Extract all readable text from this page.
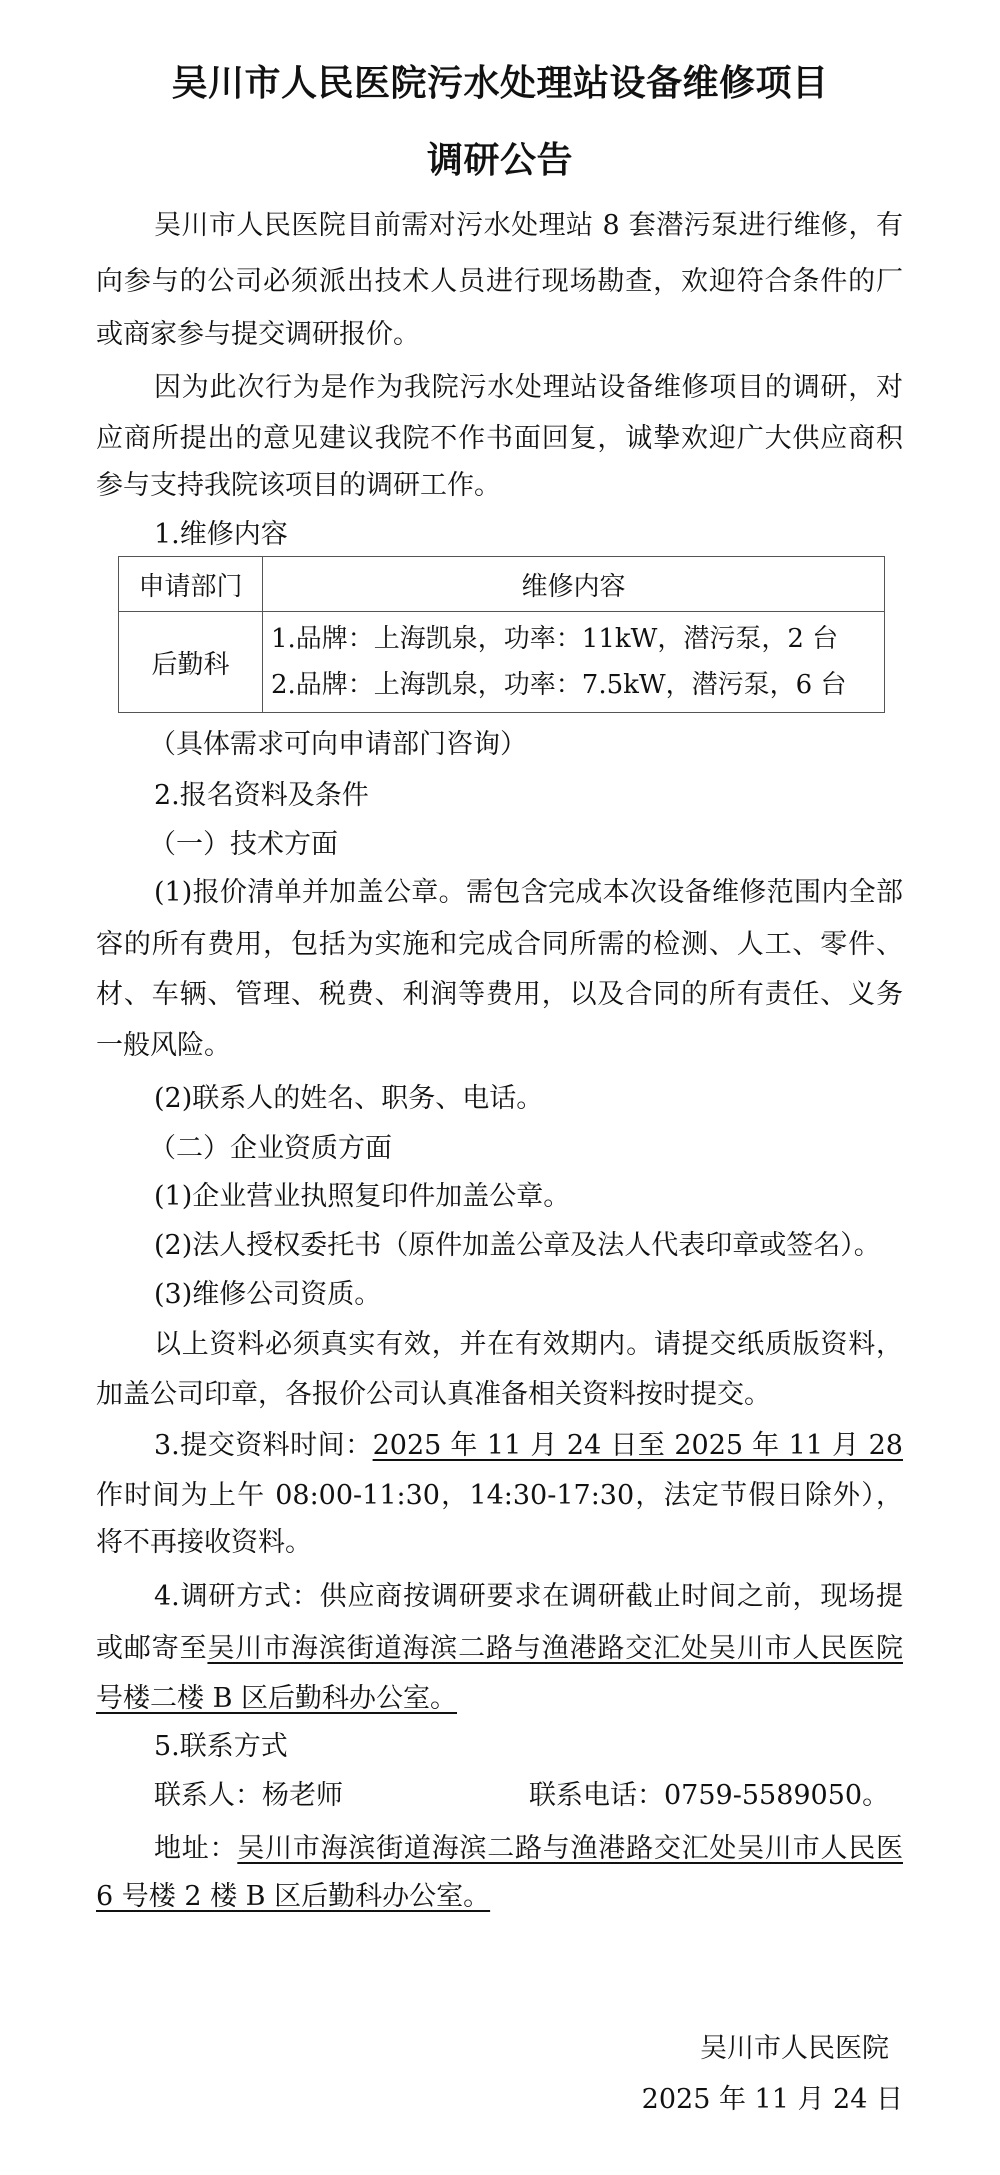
吴川市人民医院污水处理站设备维修项目
调研公告
吴川市人民医院目前需对污水处理站 8 套潜污泵进行维修，有
向参与的公司必须派出技术人员进行现场勘查，欢迎符合条件的厂
或商家参与提交调研报价。
因为此次行为是作为我院污水处理站设备维修项目的调研，对
应商所提出的意见建议我院不作书面回复，诚挚欢迎广大供应商积
参与支持我院该项目的调研工作。
1.维修内容
（具体需求可向申请部门咨询）
2.报名资料及条件
（一）技术方面
(1)报价清单并加盖公章。需包含完成本次设备维修范围内全部
容的所有费用，包括为实施和完成合同所需的检测、人工、零件、
材、车辆、管理、税费、利润等费用，以及合同的所有责任、义务
一般风险。
(2)联系人的姓名、职务、电话。
（二）企业资质方面
(1)企业营业执照复印件加盖公章。
(2)法人授权委托书（原件加盖公章及法人代表印章或签名）。
(3)维修公司资质。
以上资料必须真实有效，并在有效期内。请提交纸质版资料，
加盖公司印章，各报价公司认真准备相关资料按时提交。
3.提交资料时间：2025 年 11 月 24 日至 2025 年 11 月 28
作时间为上午 08:00-11:30，14:30-17:30，法定节假日除外），
将不再接收资料。
4.调研方式：供应商按调研要求在调研截止时间之前，现场提
或邮寄至吴川市海滨街道海滨二路与渔港路交汇处吴川市人民医院
号楼二楼 B 区后勤科办公室。
5.联系方式
联系人：杨老师
地址：吴川市海滨街道海滨二路与渔港路交汇处吴川市人民医
6 号楼 2 楼 B 区后勤科办公室。
吴川市人民医院
2025 年 11 月 24 日
联系电话：0759-5589050。
申请部门	维修内容
后勤科	1.品牌：上海凯泉，功率：11kW，潜污泵，2 台
2.品牌：上海凯泉，功率：7.5kW，潜污泵，6 台
